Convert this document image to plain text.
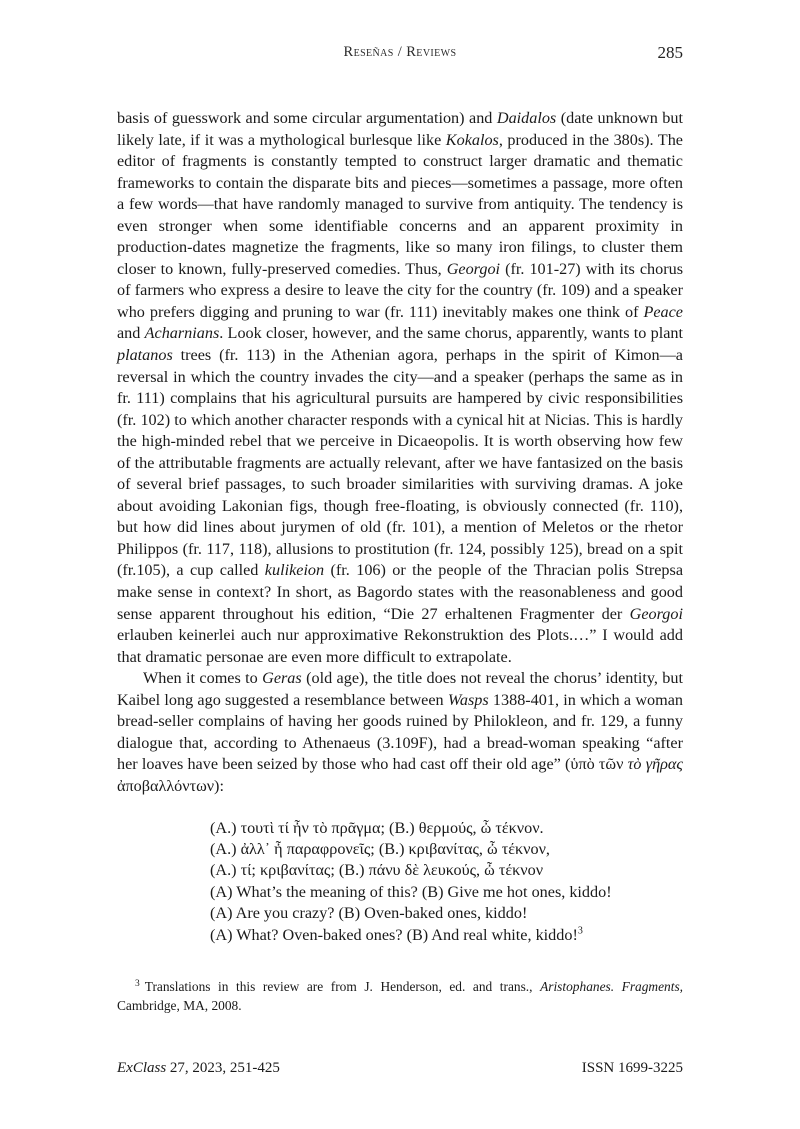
Reseñas / Reviews	285

basis of guesswork and some circular argumentation) and Daidalos (date unknown but likely late, if it was a mythological burlesque like Kokalos, produced in the 380s). The editor of fragments is constantly tempted to construct larger dramatic and thematic frameworks to contain the disparate bits and pieces—sometimes a passage, more often a few words—that have randomly managed to survive from antiquity. The tendency is even stronger when some identifiable concerns and an apparent proximity in production-dates magnetize the fragments, like so many iron filings, to cluster them closer to known, fully-preserved comedies. Thus, Georgoi (fr. 101-27) with its chorus of farmers who express a desire to leave the city for the country (fr. 109) and a speaker who prefers digging and pruning to war (fr. 111) inevitably makes one think of Peace and Acharnians. Look closer, however, and the same chorus, apparently, wants to plant platanos trees (fr. 113) in the Athenian agora, perhaps in the spirit of Kimon—a reversal in which the country invades the city—and a speaker (perhaps the same as in fr. 111) complains that his agricultural pursuits are hampered by civic responsibilities (fr. 102) to which another character responds with a cynical hit at Nicias. This is hardly the high-minded rebel that we perceive in Dicaeopolis. It is worth observing how few of the attributable fragments are actually relevant, after we have fantasized on the basis of several brief passages, to such broader similarities with surviving dramas. A joke about avoiding Lakonian figs, though free-floating, is obviously connected (fr. 110), but how did lines about jurymen of old (fr. 101), a mention of Meletos or the rhetor Philippos (fr. 117, 118), allusions to prostitution (fr. 124, possibly 125), bread on a spit (fr.105), a cup called kulikeion (fr. 106) or the people of the Thracian polis Strepsa make sense in context? In short, as Bagordo states with the reasonableness and good sense apparent throughout his edition, “Die 27 erhaltenen Fragmenter der Georgoi erlauben keinerlei auch nur approximative Rekonstruktion des Plots.…” I would add that dramatic personae are even more difficult to extrapolate.

When it comes to Geras (old age), the title does not reveal the chorus’ identity, but Kaibel long ago suggested a resemblance between Wasps 1388-401, in which a woman bread-seller complains of having her goods ruined by Philokleon, and fr. 129, a funny dialogue that, according to Athenaeus (3.109F), had a bread-woman speaking “after her loaves have been seized by those who had cast off their old age” (ὑπὸ τῶν τὸ γῆρας ἀποβαλλόντων):

(A.) τουτὶ τί ἦν τὸ πρᾶγμα; (B.) θερμούς, ὦ τέκνον.

(A.) ἀλλ᾽ ἦ παραφρονεῖς; (B.) κριβανίτας, ὦ τέκνον,

(A.) τί; κριβανίτας; (B.) πάνυ δὲ λευκούς, ὦ τέκνον

(A) What’s the meaning of this? (B) Give me hot ones, kiddo!

(A) Are you crazy? (B) Oven-baked ones, kiddo!

(A) What? Oven-baked ones? (B) And real white, kiddo!$^3$

$^3$ Translations in this review are from J. Henderson, ed. and trans., Aristophanes. Fragments, Cambridge, MA, 2008.

ExClass 27, 2023, 251-425	ISSN 1699-3225
